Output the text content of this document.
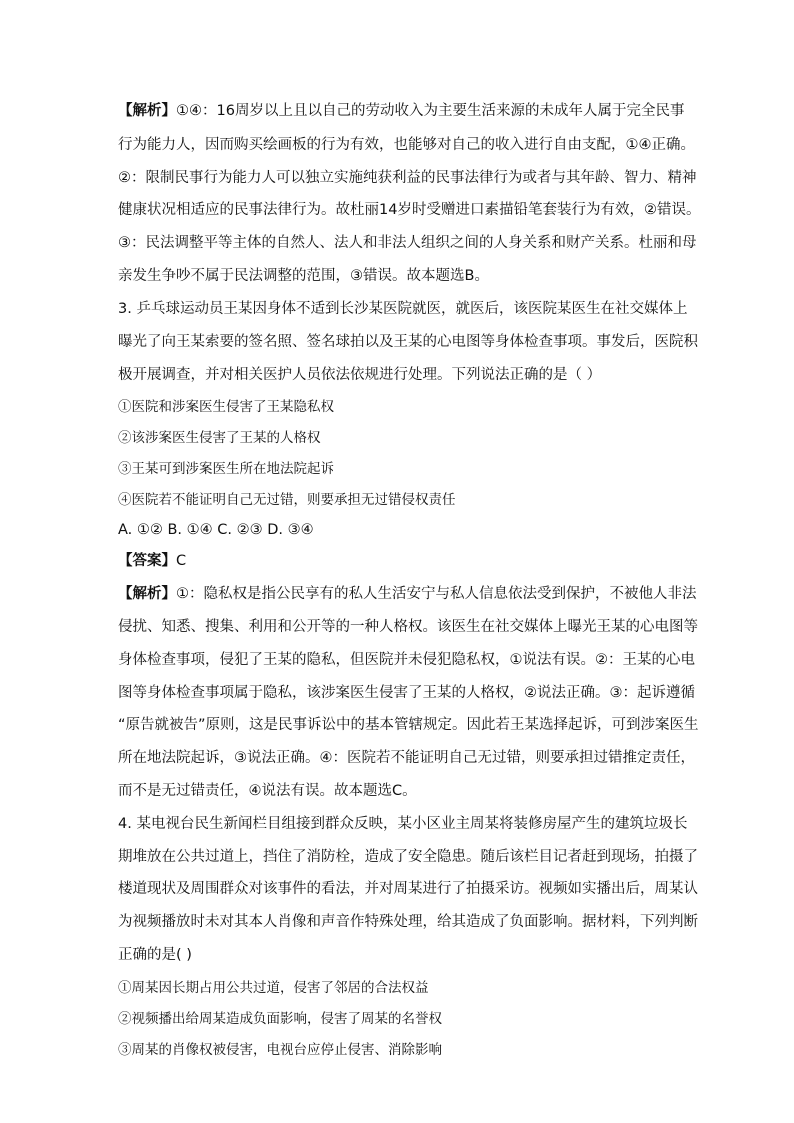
【解析】①④：16周岁以上且以自己的劳动收入为主要生活来源的未成年人属于完全民事
行为能力人，因而购买绘画板的行为有效，也能够对自己的收入进行自由支配，①④正确。
②：限制民事行为能力人可以独立实施纯获利益的民事法律行为或者与其年龄、智力、精神
健康状况相适应的民事法律行为。故杜丽14岁时受赠进口素描铅笔套装行为有效，②错误。
③：民法调整平等主体的自然人、法人和非法人组织之间的人身关系和财产关系。杜丽和母
亲发生争吵不属于民法调整的范围，③错误。故本题选B。
3. 乒乓球运动员王某因身体不适到长沙某医院就医，就医后，该医院某医生在社交媒体上
曝光了向王某索要的签名照、签名球拍以及王某的心电图等身体检查事项。事发后，医院积
极开展调查，并对相关医护人员依法依规进行处理。下列说法正确的是（ ）
①医院和涉案医生侵害了王某隐私权
②该涉案医生侵害了王某的人格权
③王某可到涉案医生所在地法院起诉
④医院若不能证明自己无过错，则要承担无过错侵权责任
A. ①② B. ①④ C. ②③ D. ③④
【答案】C
【解析】①：隐私权是指公民享有的私人生活安宁与私人信息依法受到保护，不被他人非法
侵扰、知悉、搜集、利用和公开等的一种人格权。该医生在社交媒体上曝光王某的心电图等
身体检查事项，侵犯了王某的隐私，但医院并未侵犯隐私权，①说法有误。②：王某的心电
图等身体检查事项属于隐私，该涉案医生侵害了王某的人格权，②说法正确。③：起诉遵循
“原告就被告”原则，这是民事诉讼中的基本管辖规定。因此若王某选择起诉，可到涉案医生
所在地法院起诉，③说法正确。④：医院若不能证明自己无过错，则要承担过错推定责任，
而不是无过错责任，④说法有误。故本题选C。
4. 某电视台民生新闻栏目组接到群众反映，某小区业主周某将装修房屋产生的建筑垃圾长
期堆放在公共过道上，挡住了消防栓，造成了安全隐患。随后该栏目记者赶到现场，拍摄了
楼道现状及周围群众对该事件的看法，并对周某进行了拍摄采访。视频如实播出后，周某认
为视频播放时未对其本人肖像和声音作特殊处理，给其造成了负面影响。据材料，下列判断
正确的是( )
①周某因长期占用公共过道，侵害了邻居的合法权益
②视频播出给周某造成负面影响，侵害了周某的名誉权
③周某的肖像权被侵害，电视台应停止侵害、消除影响
